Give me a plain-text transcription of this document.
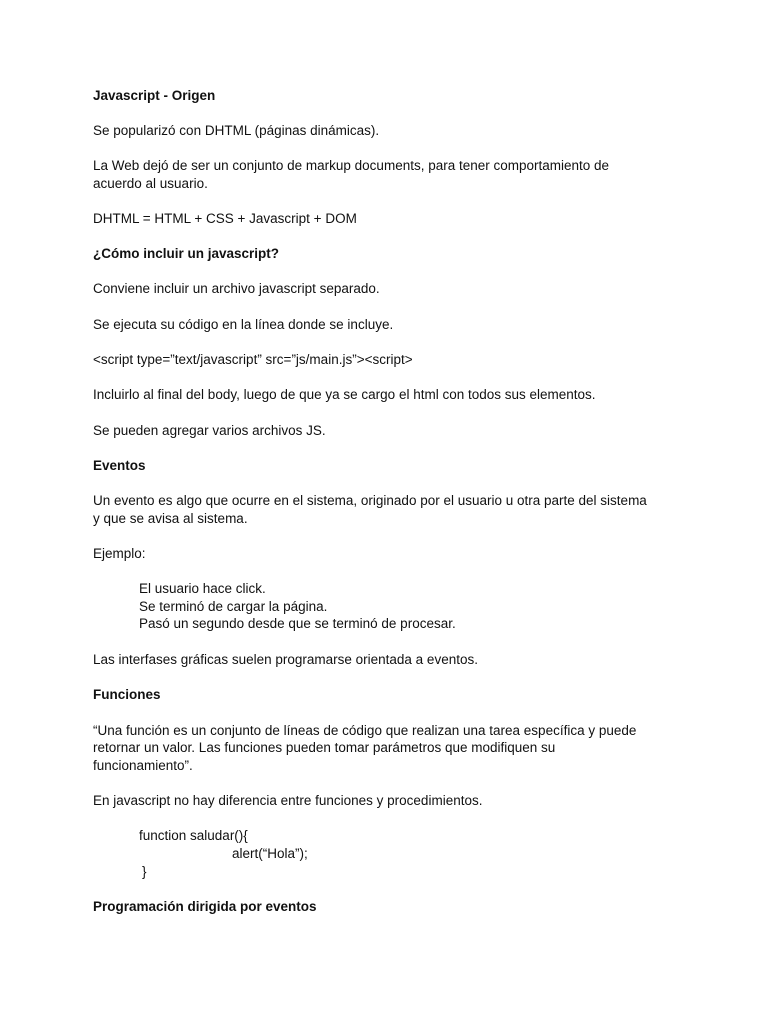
Javascript - Origen
Se popularizó con DHTML (páginas dinámicas).
La Web dejó de ser un conjunto de markup documents, para tener comportamiento de
acuerdo al usuario.
DHTML = HTML + CSS + Javascript + DOM
¿Cómo incluir un javascript?
Conviene incluir un archivo javascript separado.
Se ejecuta su código en la línea donde se incluye.
<script type=”text/javascript” src=”js/main.js”><script>
Incluirlo al final del body, luego de que ya se cargo el html con todos sus elementos.
Se pueden agregar varios archivos JS.
Eventos
Un evento es algo que ocurre en el sistema, originado por el usuario u otra parte del sistema
y que se avisa al sistema.
Ejemplo:
El usuario hace click.
Se terminó de cargar la página.
Pasó un segundo desde que se terminó de procesar.
Las interfases gráficas suelen programarse orientada a eventos.
Funciones
“Una función es un conjunto de líneas de código que realizan una tarea específica y puede
retornar un valor. Las funciones pueden tomar parámetros que modifiquen su
funcionamiento”.
En javascript no hay diferencia entre funciones y procedimientos.
function saludar(){
alert(“Hola”);
}
Programación dirigida por eventos
